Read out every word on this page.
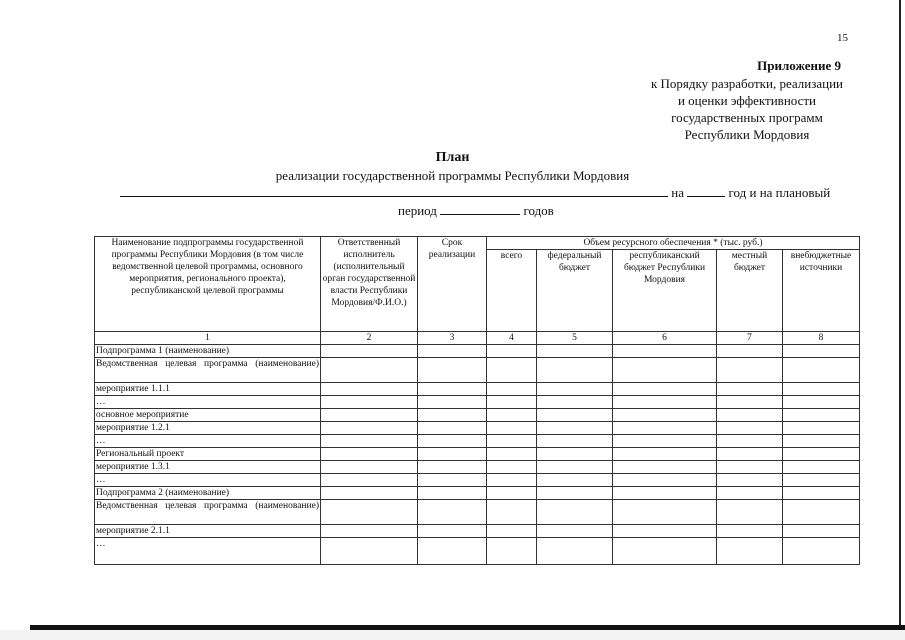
15
Приложение 9
к Порядку разработки, реализации
и оценки эффективности
государственных программ
Республики Мордовия
План
реализации государственной программы Республики Мордовия
на	год и на плановый
период	годов
Наименование подпрограммы государственной программы Республики Мордовия (в том числе ведомственной целевой программы, основного мероприятия, регионального проекта), республиканской целевой программы	Ответственный исполнитель (исполнительный орган государственной власти Республики Мордовия/Ф.И.О.)	Срок реализации	Объем ресурсного обеспечения * (тыс. руб.)				
			всего	федеральный бюджет	республиканский бюджет Республики Мордовия	местный бюджет	внебюджетные источники
1	2	3	4	5	6	7	8
Подпрограмма 1 (наименование)							
Ведомственная целевая программа (наименование)							
мероприятие 1.1.1							
…							
основное мероприятие							
мероприятие 1.2.1							
…							
Региональный проект							
мероприятие 1.3.1							
…							
Подпрограмма 2 (наименование)							
Ведомственная целевая программа (наименование)							
мероприятие 2.1.1							
…							
